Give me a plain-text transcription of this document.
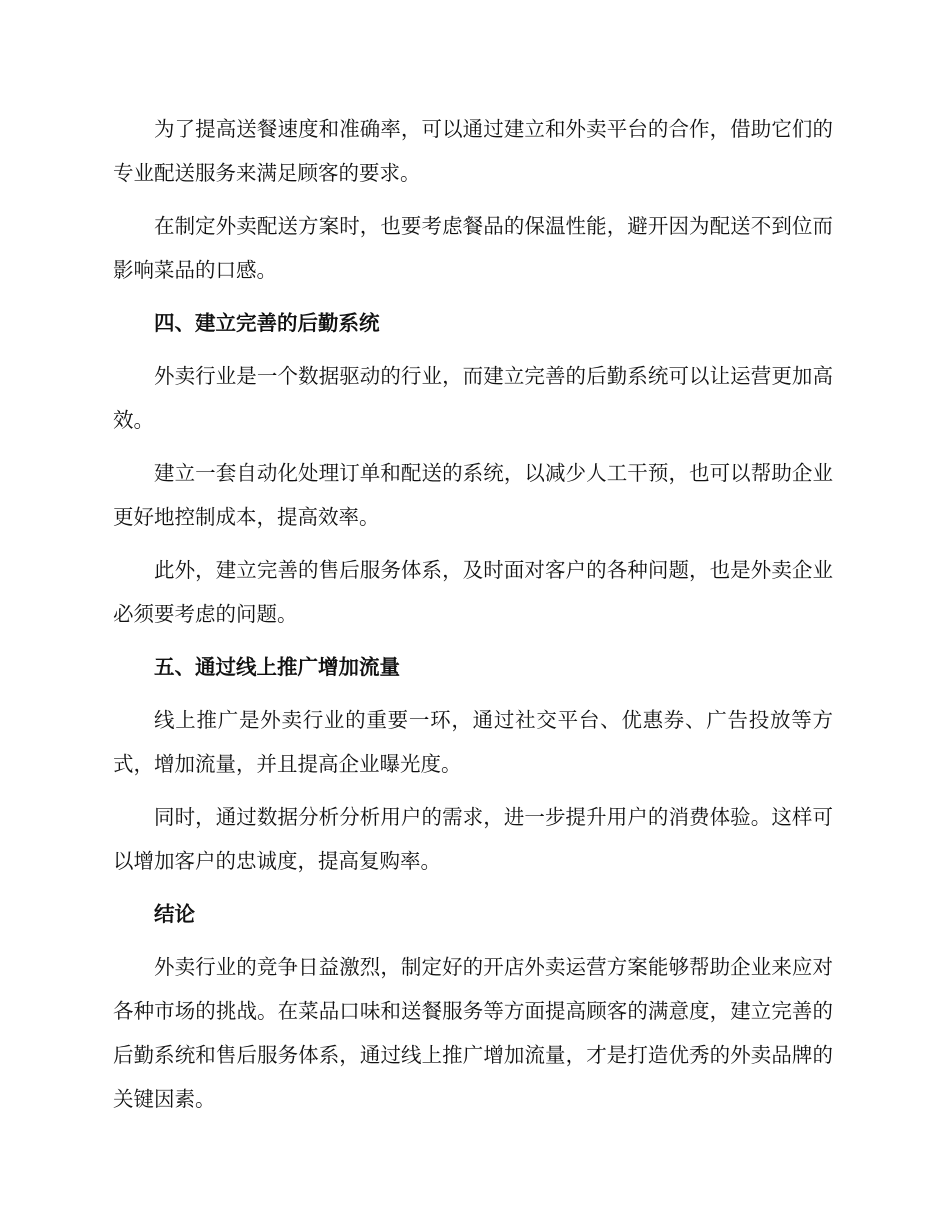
为了提高送餐速度和准确率，可以通过建立和外卖平台的合作，借助它们的专业配送服务来满足顾客的要求。

在制定外卖配送方案时，也要考虑餐品的保温性能，避开因为配送不到位而影响菜品的口感。

四、建立完善的后勤系统

外卖行业是一个数据驱动的行业，而建立完善的后勤系统可以让运营更加高效。

建立一套自动化处理订单和配送的系统，以减少人工干预，也可以帮助企业更好地控制成本，提高效率。

此外，建立完善的售后服务体系，及时面对客户的各种问题，也是外卖企业必须要考虑的问题。

五、通过线上推广增加流量

线上推广是外卖行业的重要一环，通过社交平台、优惠券、广告投放等方式，增加流量，并且提高企业曝光度。

同时，通过数据分析分析用户的需求，进一步提升用户的消费体验。这样可以增加客户的忠诚度，提高复购率。

结论

外卖行业的竞争日益激烈，制定好的开店外卖运营方案能够帮助企业来应对各种市场的挑战。在菜品口味和送餐服务等方面提高顾客的满意度，建立完善的后勤系统和售后服务体系，通过线上推广增加流量，才是打造优秀的外卖品牌的关键因素。
